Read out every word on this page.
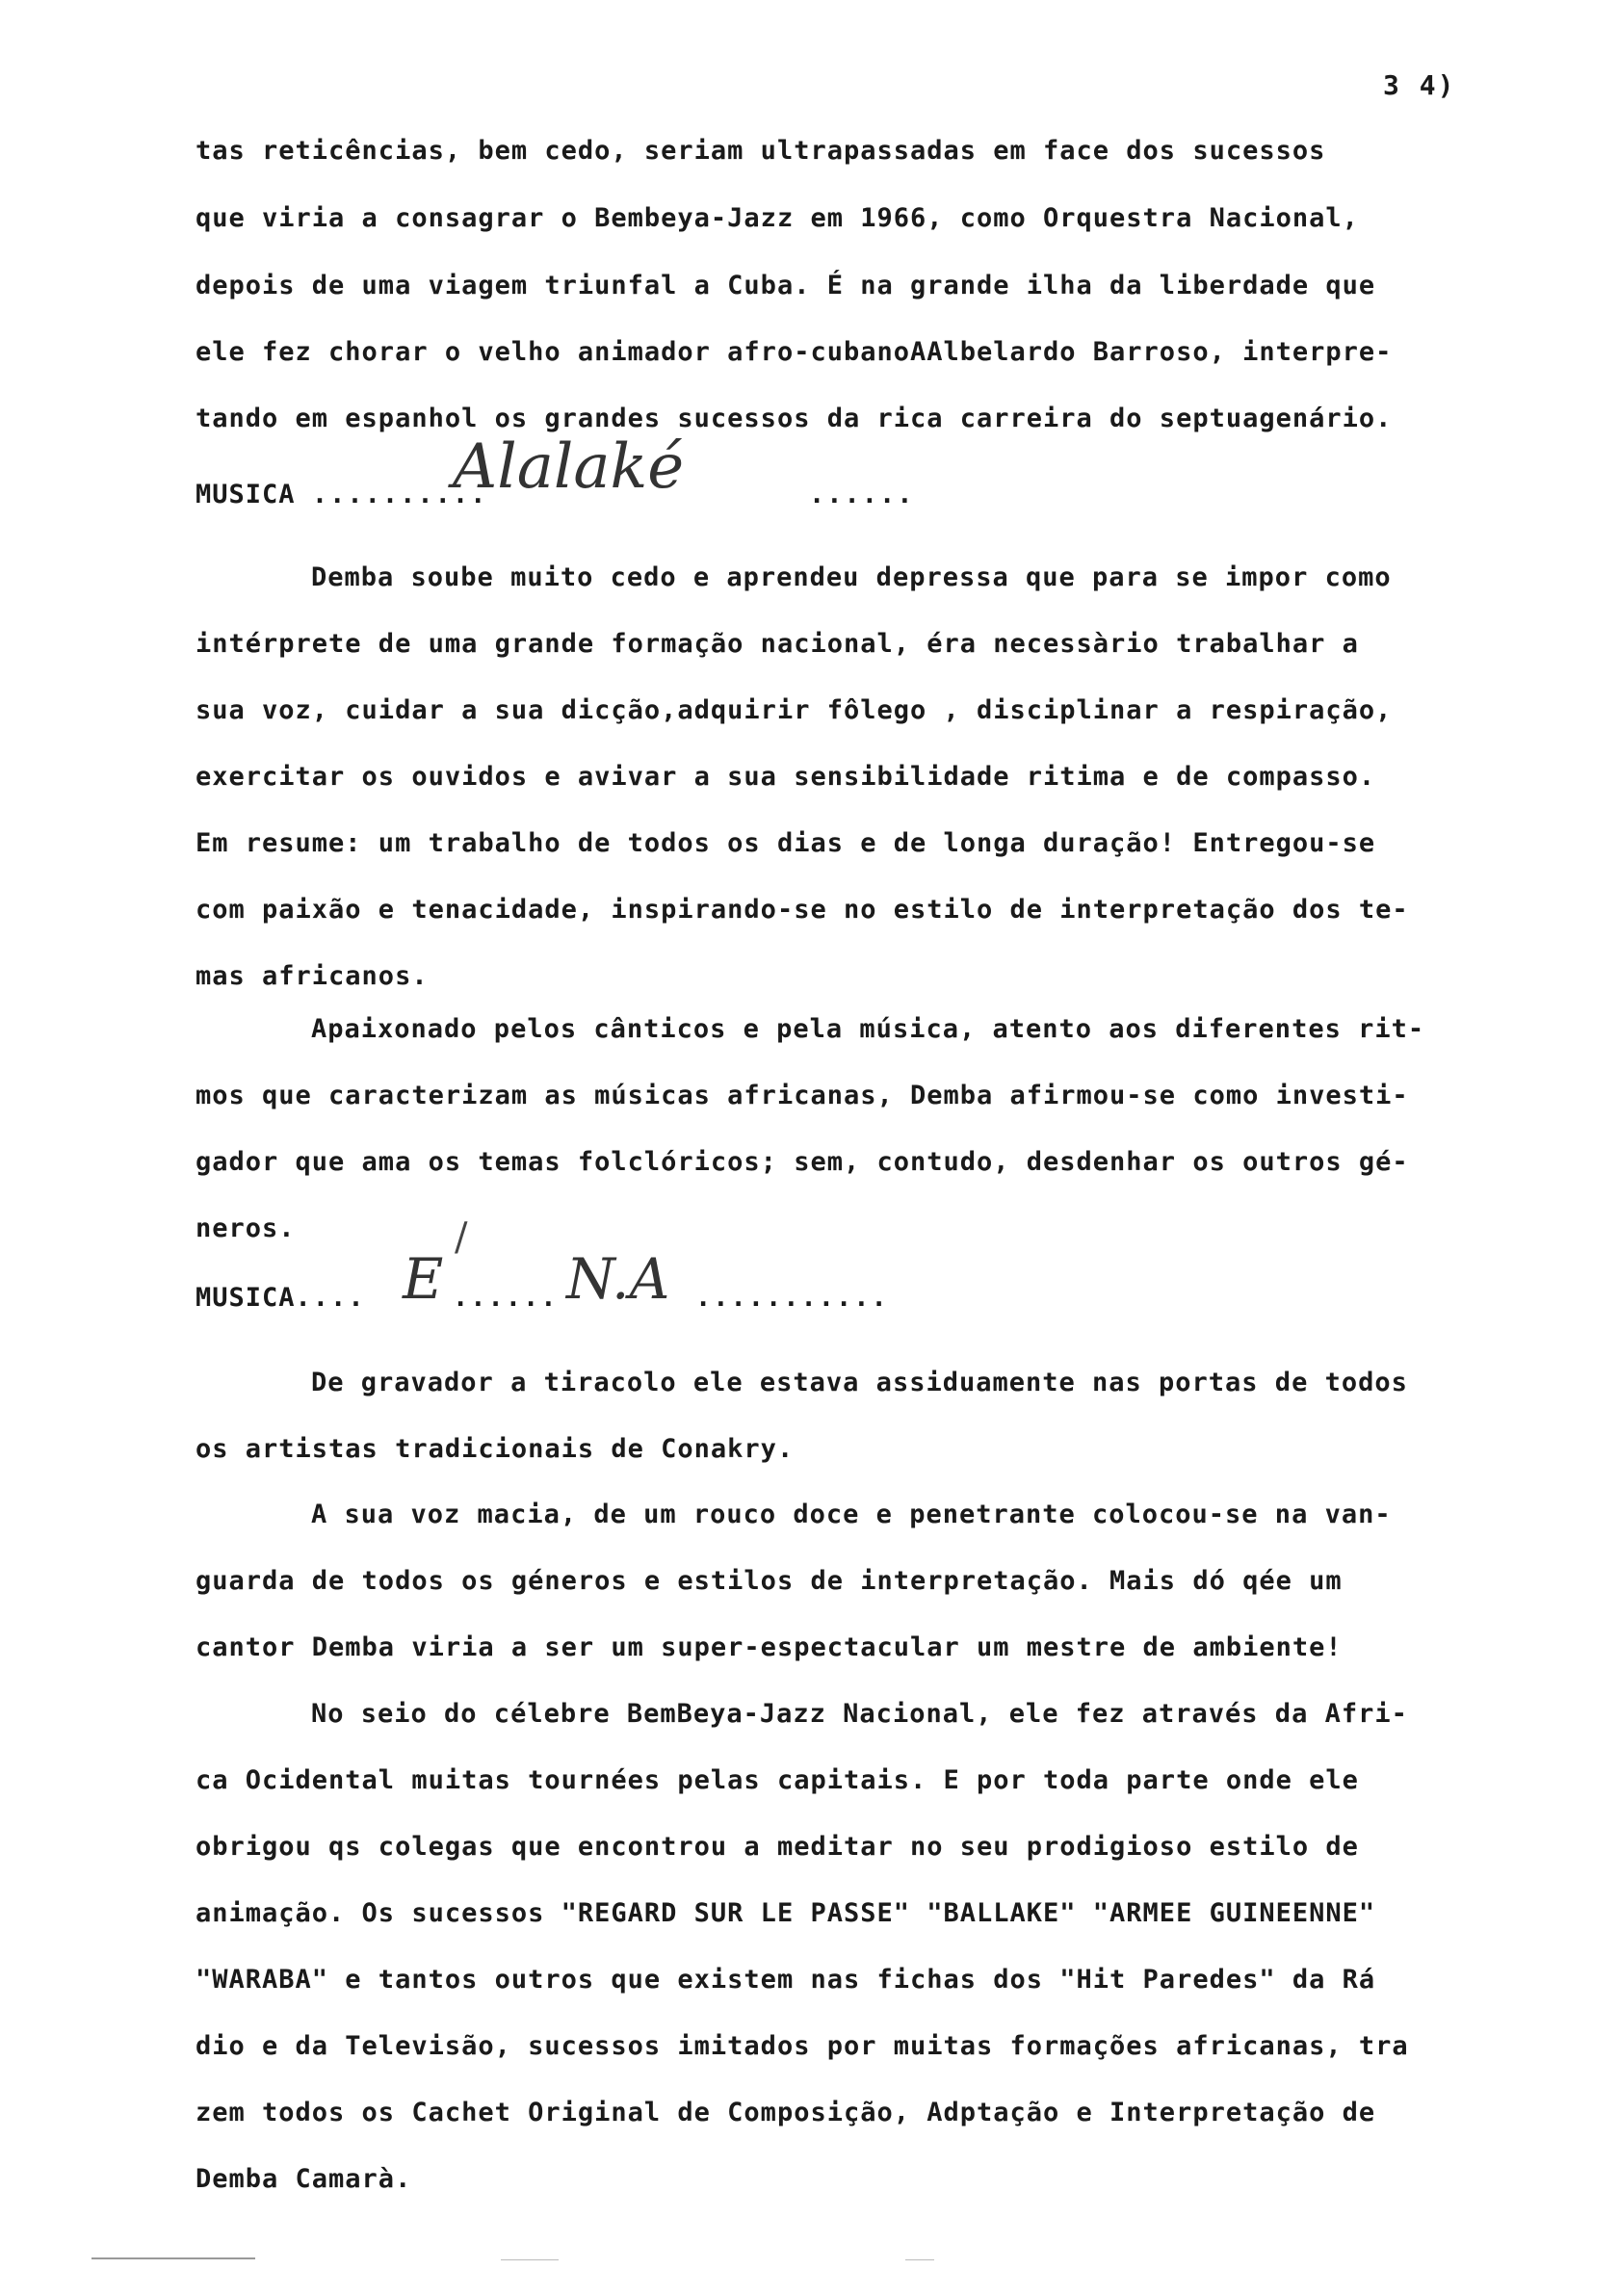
3 4)
tas reticências, bem cedo, seriam ultrapassadas em face dos sucessos
que viria a consagrar o Bembeya-Jazz em 1966, como Orquestra Nacional,
depois de uma viagem triunfal a Cuba. É na grande ilha da liberdade que
ele fez chorar o velho animador afro-cubanoAAlbelardo Barroso, interpre-
tando em espanhol os grandes sucessos da rica carreira do septuagenário.
MUSICA ..........
Alalaké	......
Demba soube muito cedo e aprendeu depressa que para se impor como
intérprete de uma grande formação nacional, éra necessàrio trabalhar a
sua voz, cuidar a sua dicção,adquirir fôlego , disciplinar a respiração,
exercitar os ouvidos e avivar a sua sensibilidade ritima e de compasso.
Em resume: um trabalho de todos os dias e de longa duração! Entregou-se
com paixão e tenacidade, inspirando-se no estilo de interpretação dos te-
mas africanos.
Apaixonado pelos cânticos e pela música, atento aos diferentes rit-
mos que caracterizam as músicas africanas, Demba afirmou-se como investi-
gador que ama os temas folclóricos; sem, contudo, desdenhar os outros gé-
neros.	/
MUSICA.... E ...... N.A ...........
De gravador a tiracolo ele estava assiduamente nas portas de todos
os artistas tradicionais de Conakry.
A sua voz macia, de um rouco doce e penetrante colocou-se na van-
guarda de todos os géneros e estilos de interpretação. Mais dó qée um
cantor Demba viria a ser um super-espectacular um mestre de ambiente!
No seio do célebre BemBeya-Jazz Nacional, ele fez através da Afri-
ca Ocidental muitas tournées pelas capitais. E por toda parte onde ele
obrigou qs colegas que encontrou a meditar no seu prodigioso estilo de
animação. Os sucessos "REGARD SUR LE PASSE" "BALLAKE" "ARMEE GUINEENNE"
"WARABA" e tantos outros que existem nas fichas dos "Hit Paredes" da Rá
dio e da Televisão, sucessos imitados por muitas formações africanas, tra
zem todos os Cachet Original de Composição, Adptação e Interpretação de
Demba Camarà.
